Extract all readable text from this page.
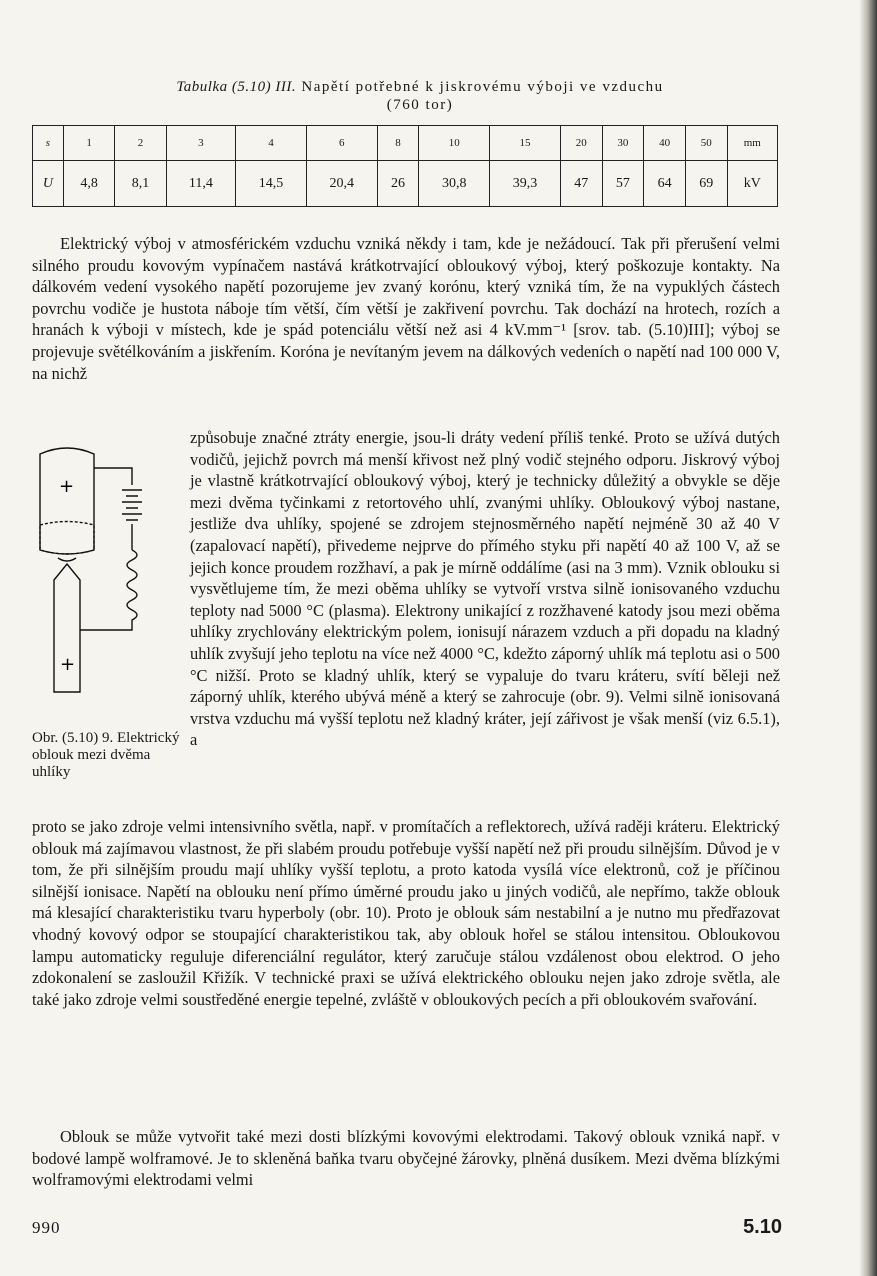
Tabulka (5.10) III. Napětí potřebné k jiskrovému výboji ve vzduchu
(760 tor)
s	1	2	3	4	6	8	10	15	20	30	40	50	mm
U	4,8	8,1	11,4	14,5	20,4	26	30,8	39,3	47	57	64	69	kV
Elektrický výboj v atmosférickém vzduchu vzniká někdy i tam, kde je nežádoucí. Tak při přerušení velmi silného proudu kovovým vypínačem nastává krátkotrvající obloukový výboj, který poškozuje kontakty. Na dálkovém vedení vysokého napětí pozorujeme jev zvaný korónu, který vzniká tím, že na vypuklých částech povrchu vodiče je hustota náboje tím větší, čím větší je zakřivení povrchu. Tak dochází na hrotech, rozích a hranách k výboji v místech, kde je spád potenciálu větší než asi 4 kV.mm⁻¹ [srov. tab. (5.10)III]; výboj se projevuje světélkováním a jiskřením. Koróna je nevítaným jevem na dálkových vedeních o napětí nad 100 000 V, na nichž
+
+
způsobuje značné ztráty energie, jsou-li dráty vedení příliš tenké. Proto se užívá dutých vodičů, jejichž povrch má menší křivost než plný vodič stejného odporu. Jiskrový výboj je vlastně krátkotrvající obloukový výboj, který je technicky důležitý a obvykle se děje mezi dvěma tyčinkami z retortového uhlí, zvanými uhlíky. Obloukový výboj nastane, jestliže dva uhlíky, spojené se zdrojem stejnosměrného napětí nejméně 30 až 40 V (zapalovací napětí), přivedeme nejprve do přímého styku při napětí 40 až 100 V, až se jejich konce proudem rozžhaví, a pak je mírně oddálíme (asi na 3 mm). Vznik oblouku si vysvětlujeme tím, že mezi oběma uhlíky se vytvoří vrstva silně ionisovaného vzduchu teploty nad 5000 °C (plasma). Elektrony unikající z rozžhavené katody jsou mezi oběma uhlíky zrychlovány elektrickým polem, ionisují nárazem vzduch a při dopadu na kladný uhlík zvyšují jeho teplotu na více než 4000 °C, kdežto záporný uhlík má teplotu asi o 500 °C nižší. Proto se kladný uhlík, který se vypaluje do tvaru kráteru, svítí běleji než záporný uhlík, kterého ubývá méně a který se zahrocuje (obr. 9). Velmi silně ionisovaná vrstva vzduchu má vyšší teplotu než kladný kráter, její zářivost je však menší (viz 6.5.1), a
Obr. (5.10) 9. Elektrický oblouk mezi dvěma uhlíky
proto se jako zdroje velmi intensivního světla, např. v promítačích a reflektorech, užívá raději kráteru. Elektrický oblouk má zajímavou vlastnost, že při slabém proudu potřebuje vyšší napětí než při proudu silnějším. Důvod je v tom, že při silnějším proudu mají uhlíky vyšší teplotu, a proto katoda vysílá více elektronů, což je příčinou silnější ionisace. Napětí na oblouku není přímo úměrné proudu jako u jiných vodičů, ale nepřímo, takže oblouk má klesající charakteristiku tvaru hyperboly (obr. 10). Proto je oblouk sám nestabilní a je nutno mu předřazovat vhodný kovový odpor se stoupající charakteristikou tak, aby oblouk hořel se stálou intensitou. Obloukovou lampu automaticky reguluje diferenciální regulátor, který zaručuje stálou vzdálenost obou elektrod. O jeho zdokonalení se zasloužil Křižík. V technické praxi se užívá elektrického oblouku nejen jako zdroje světla, ale také jako zdroje velmi soustředěné energie tepelné, zvláště v obloukových pecích a při obloukovém svařování.
Oblouk se může vytvořit také mezi dosti blízkými kovovými elektrodami. Takový oblouk vzniká např. v bodové lampě wolframové. Je to skleněná baňka tvaru obyčejné žárovky, plněná dusíkem. Mezi dvěma blízkými wolframovými elektrodami velmi
990	5.10
